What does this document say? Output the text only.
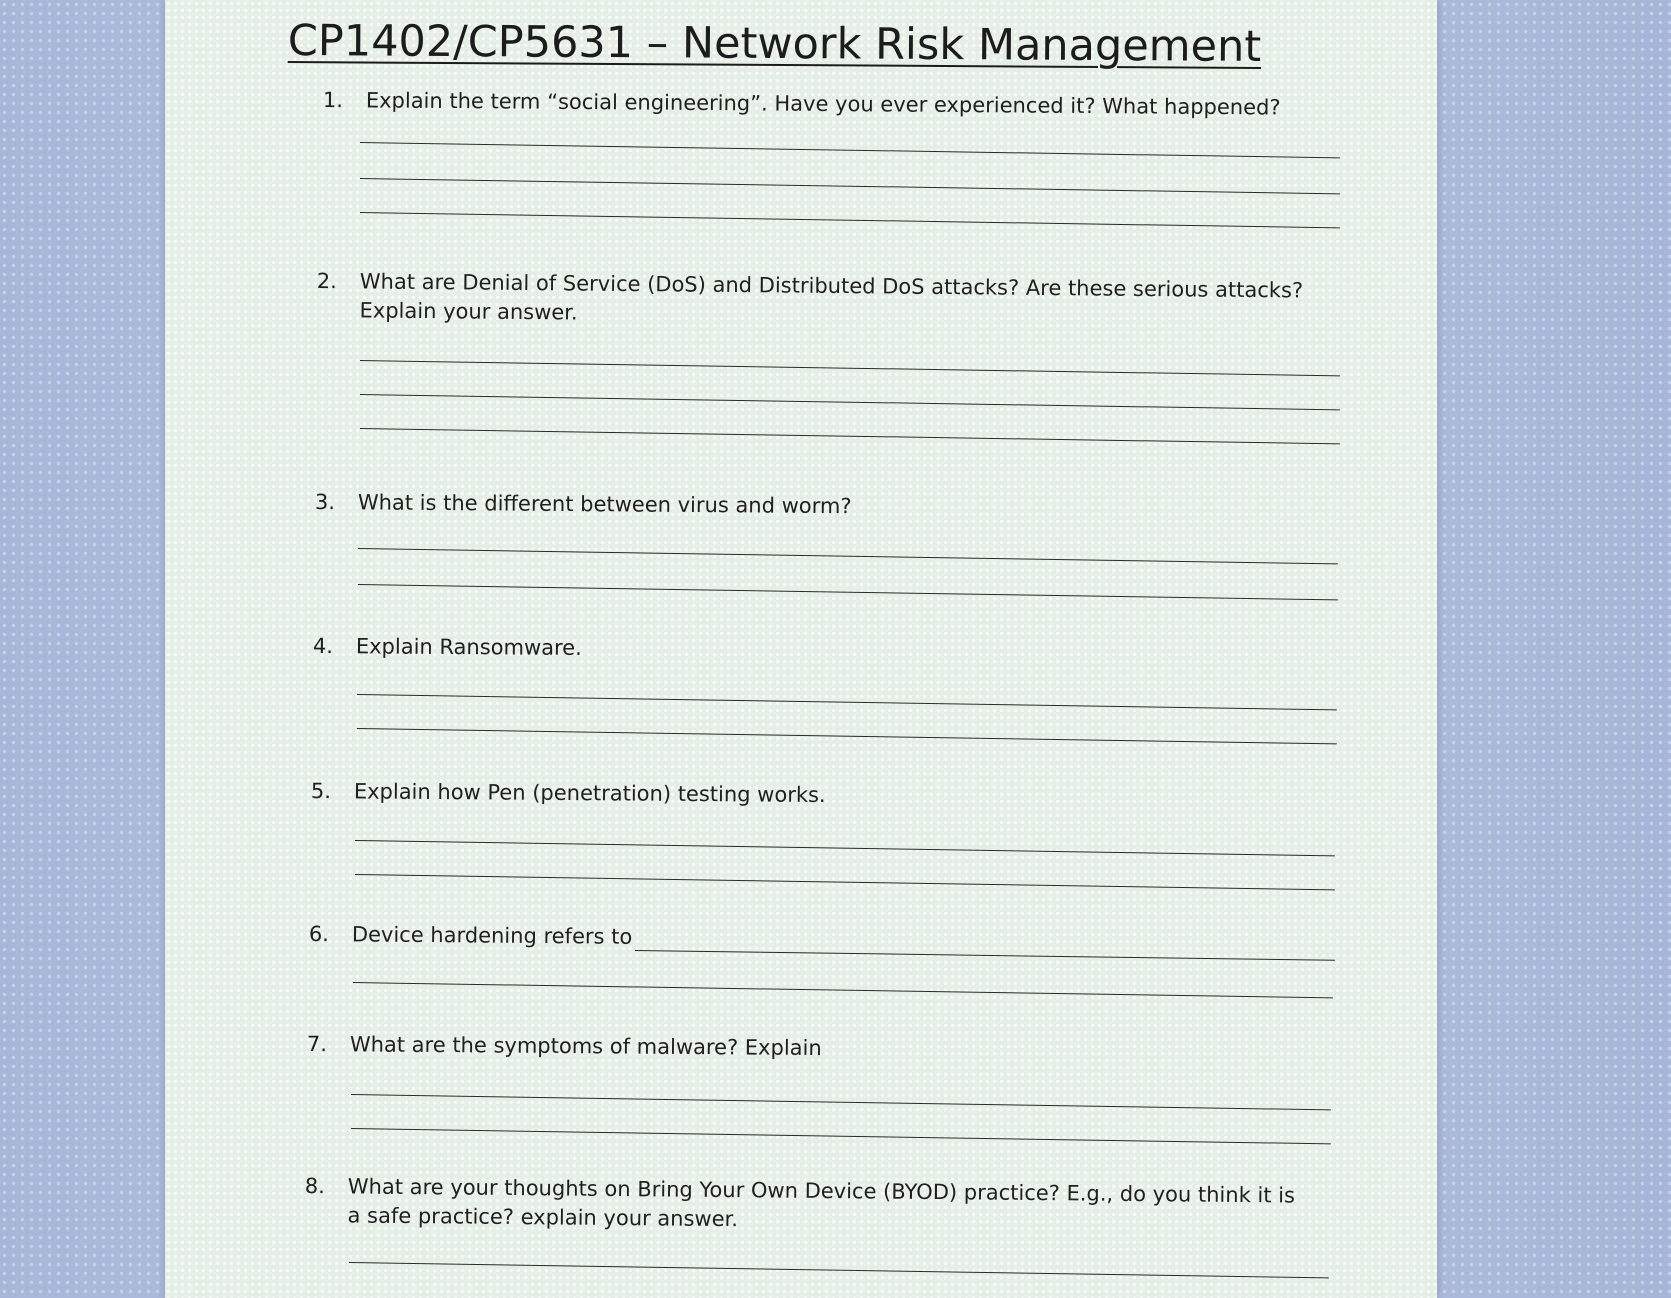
CP1402/CP5631 – Network Risk Management
1. Explain the term “social engineering”. Have you ever experienced it? What happened?
2. What are Denial of Service (DoS) and Distributed DoS attacks? Are these serious attacks? Explain your answer.
3. What is the different between virus and worm?
4. Explain Ransomware.
5. Explain how Pen (penetration) testing works.
6. Device hardening refers to
7. What are the symptoms of malware? Explain
8. What are your thoughts on Bring Your Own Device (BYOD) practice? E.g., do you think it is a safe practice? explain your answer.
